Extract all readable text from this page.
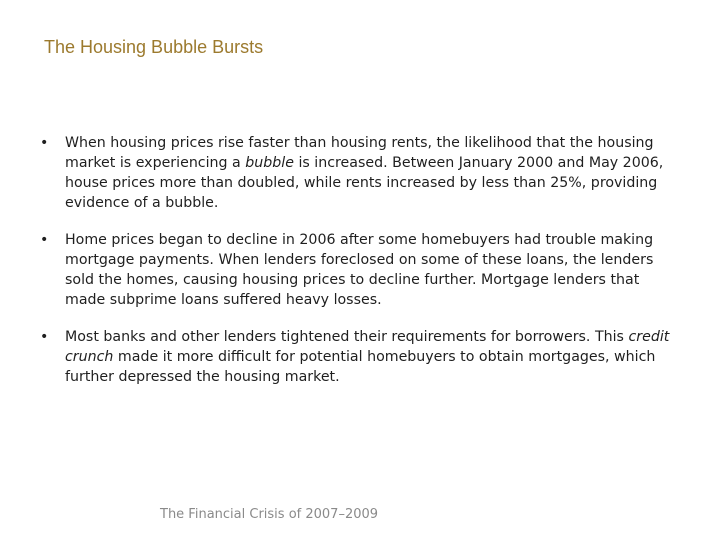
The Housing Bubble Bursts
• When housing prices rise faster than housing rents, the likelihood that the housing market is experiencing a bubble is increased. Between January 2000 and May 2006, house prices more than doubled, while rents increased by less than 25%, providing evidence of a bubble.
• Home prices began to decline in 2006 after some homebuyers had trouble making mortgage payments. When lenders foreclosed on some of these loans, the lenders sold the homes, causing housing prices to decline further. Mortgage lenders that made subprime loans suffered heavy losses.
• Most banks and other lenders tightened their requirements for borrowers. This credit crunch made it more difficult for potential homebuyers to obtain mortgages, which further depressed the housing market.
The Financial Crisis of 2007–2009
